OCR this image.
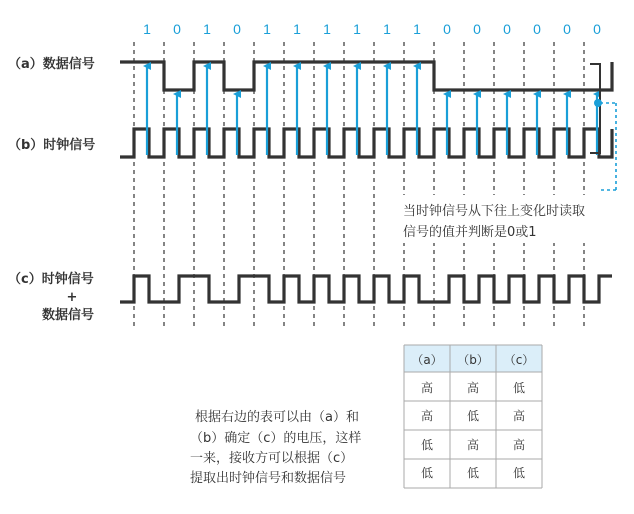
1 0 1 0 1 1 1 1 1 1 0 0 0 0 0 0
（a）数据信号
（b）时钟信号
（c）时钟信号
+
数据信号
当时钟信号从下往上变化时读取
信号的值并判断是0或1
根据右边的表可以由（a）和
（b）确定（c）的电压，这样
一来，接收方可以根据（c）
提取出时钟信号和数据信号
（a） （b） （c）
高	高	低
高	低	高
低	高	高
低	低	低
